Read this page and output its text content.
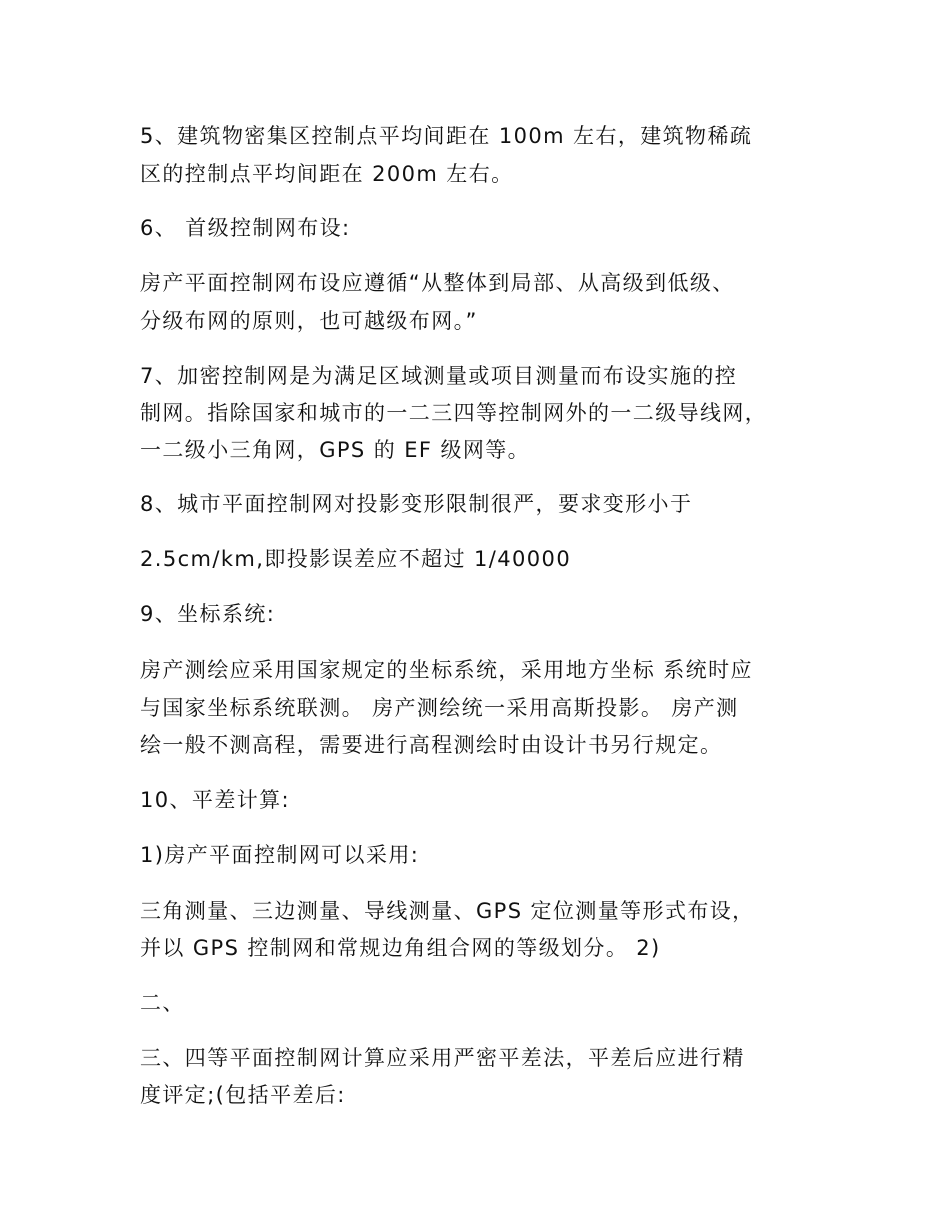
5、建筑物密集区控制点平均间距在 100m 左右，建筑物稀疏
区的控制点平均间距在 200m 左右。
6、 首级控制网布设:
房产平面控制网布设应遵循“从整体到局部、从高级到低级、
分级布网的原则，也可越级布网。”
7、加密控制网是为满足区域测量或项目测量而布设实施的控
制网。指除国家和城市的一二三四等控制网外的一二级导线网，
一二级小三角网，GPS 的 EF 级网等。
8、城市平面控制网对投影变形限制很严，要求变形小于
2.5cm/km,即投影误差应不超过 1/40000
9、坐标系统:
房产测绘应采用国家规定的坐标系统，采用地方坐标 系统时应
与国家坐标系统联测。 房产测绘统一采用高斯投影。 房产测
绘一般不测高程，需要进行高程测绘时由设计书另行规定。
10、平差计算:
1)房产平面控制网可以采用:
三角测量、三边测量、导线测量、GPS 定位测量等形式布设，
并以 GPS 控制网和常规边角组合网的等级划分。 2)
二、
三、四等平面控制网计算应采用严密平差法，平差后应进行精
度评定;(包括平差后:
